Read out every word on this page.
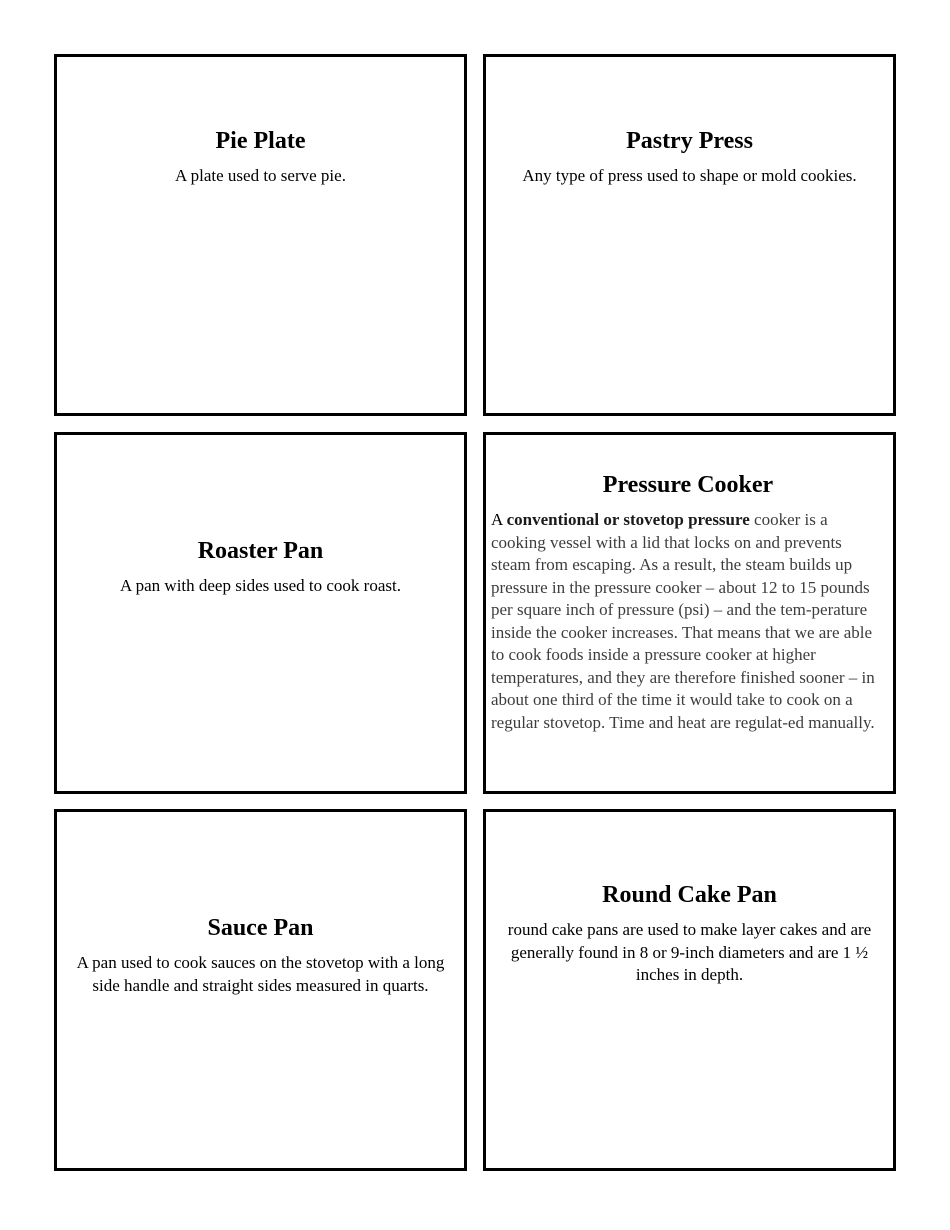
Pie Plate

A plate used to serve pie.

Pastry Press

Any type of press used to shape or mold cookies.

Roaster Pan

A pan with deep sides used to cook roast.

Pressure Cooker

A conventional or stovetop pressure cooker is a cooking vessel with a lid that locks on and prevents steam from escaping. As a result, the steam builds up pressure in the pressure cooker – about 12 to 15 pounds per square inch of pressure (psi) – and the tem-perature inside the cooker increases. That means that we are able to cook foods inside a pressure cooker at higher temperatures, and they are therefore finished sooner – in about one third of the time it would take to cook on a regular stovetop. Time and heat are regulat-ed manually.

Sauce Pan

A pan used to cook sauces on the stovetop with a long side handle and straight sides measured in quarts.

Round Cake Pan

round cake pans are used to make layer cakes and are generally found in 8 or 9-inch diameters and are 1 ½ inches in depth.
